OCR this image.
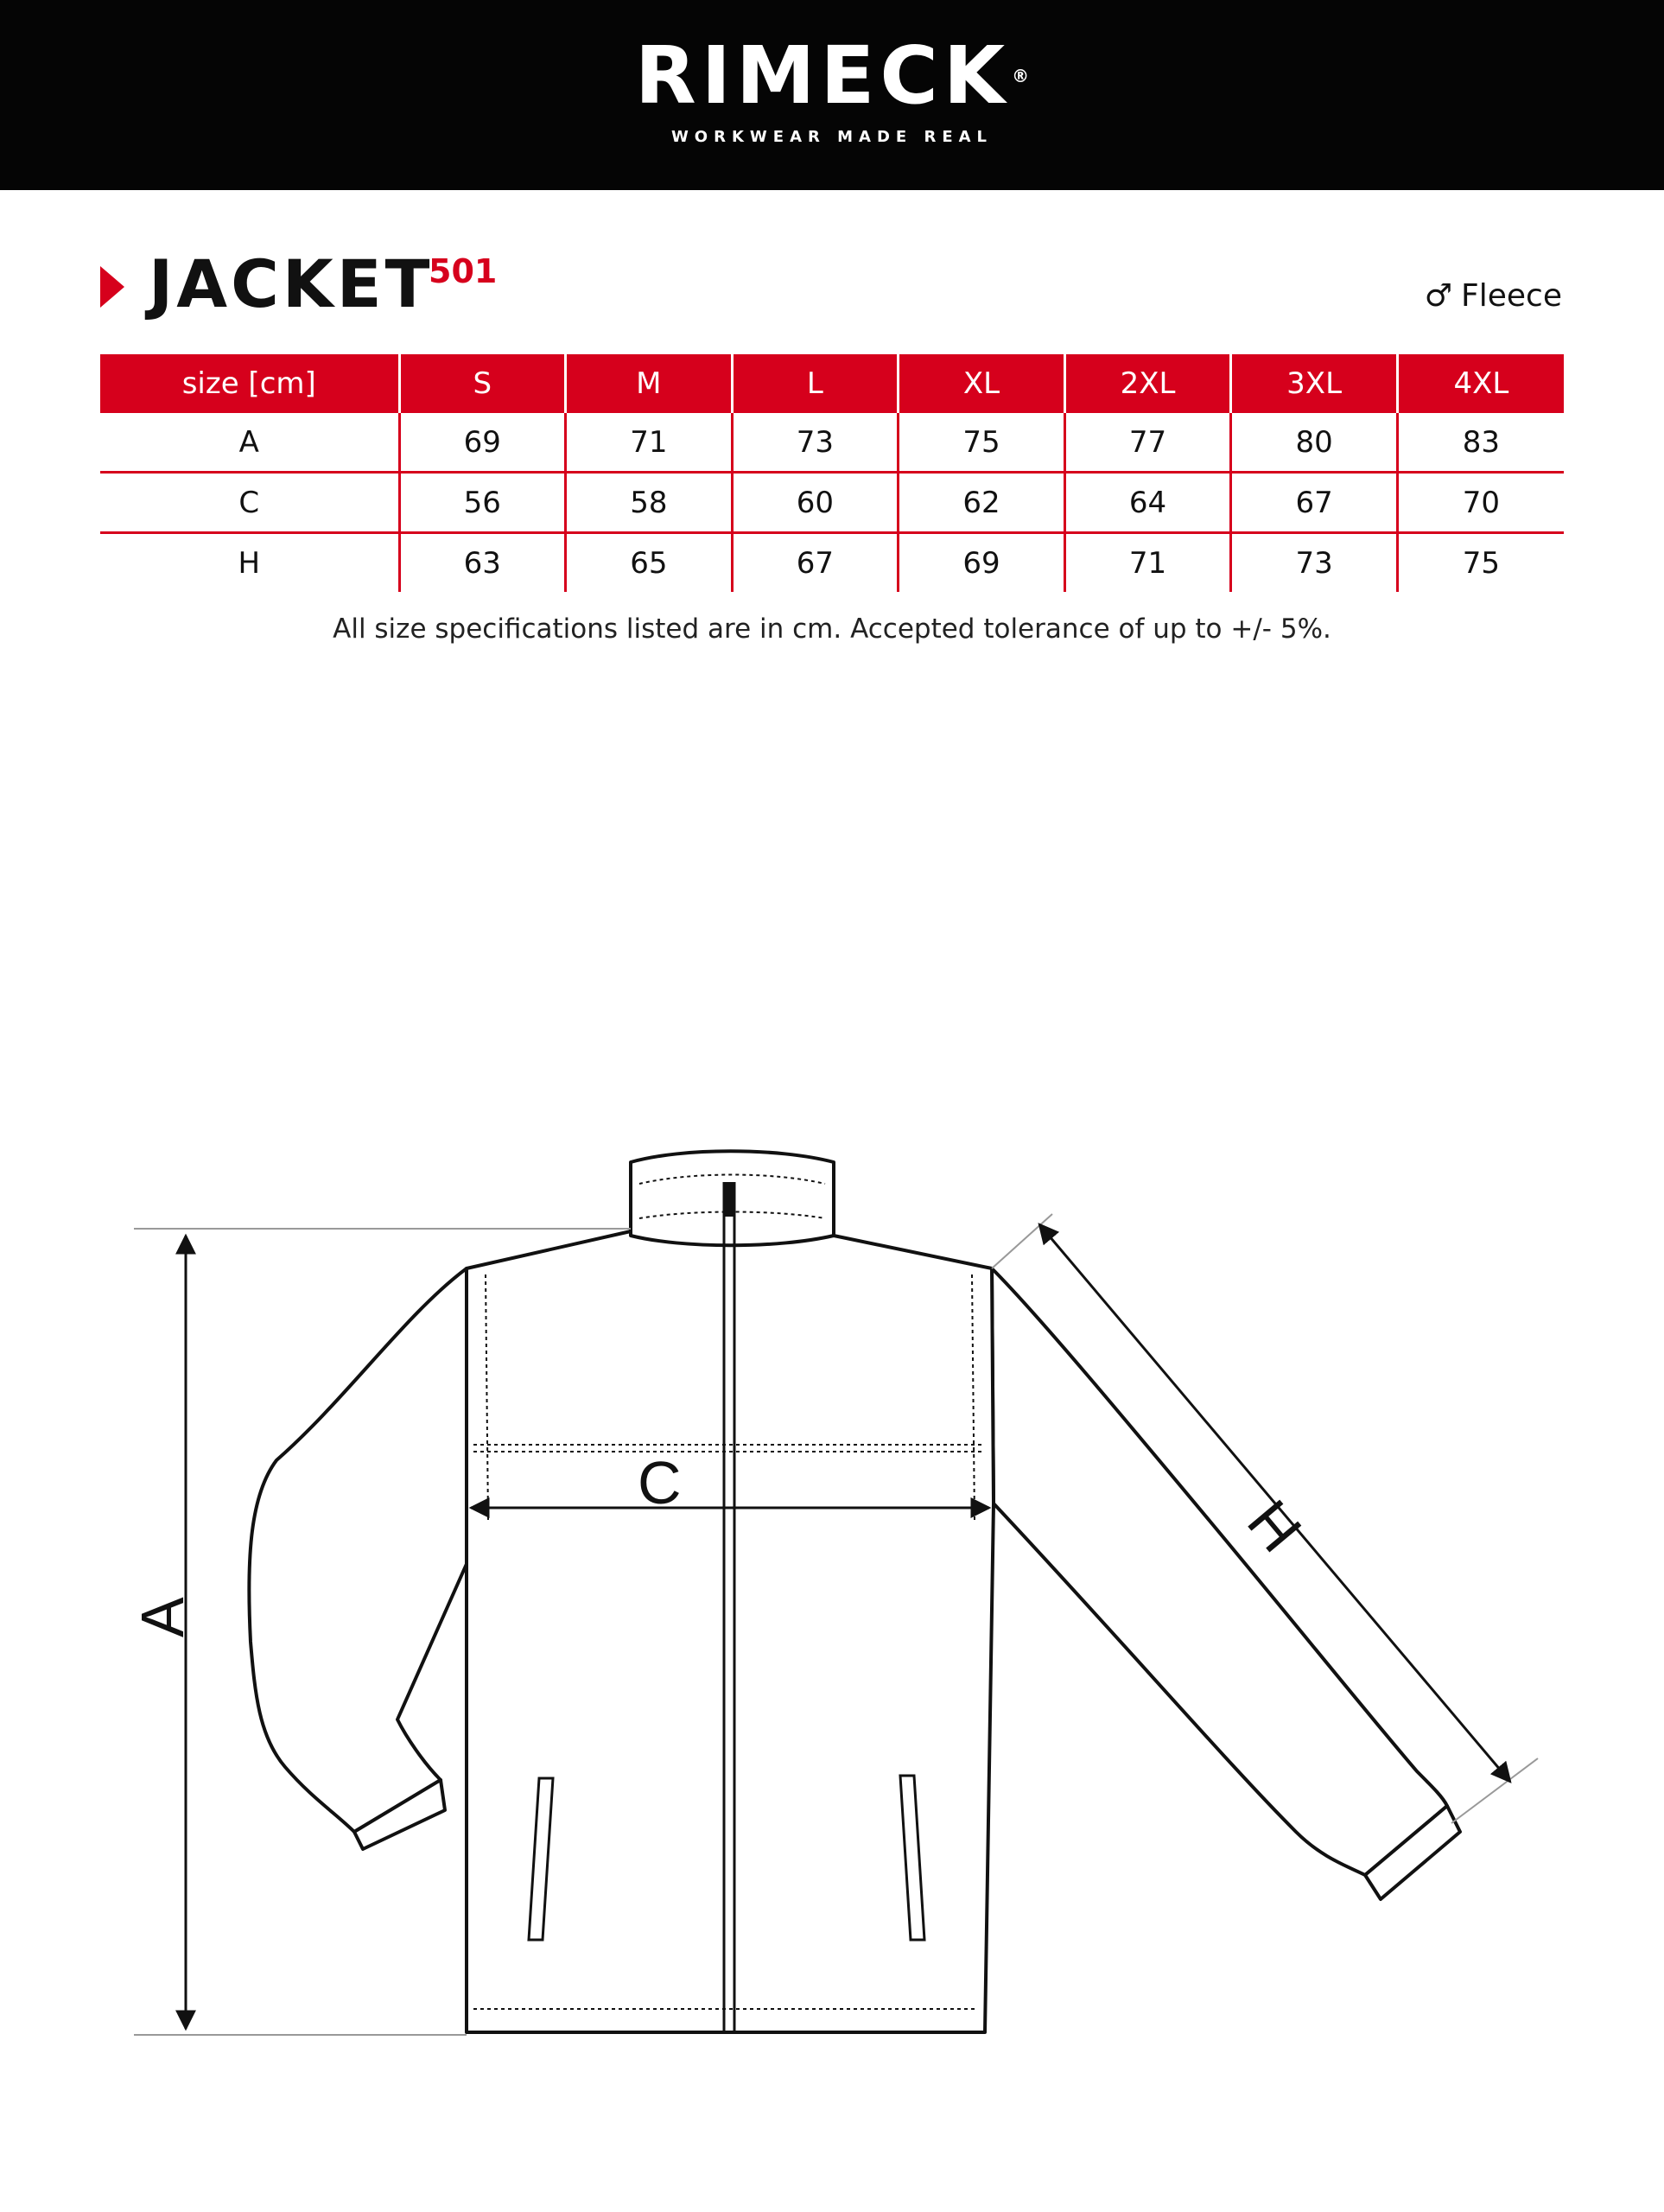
RIMECK ®
WORKWEAR MADE REAL
JACKET
501
♂ Fleece
size [cm]	S	M	L	XL	2XL	3XL	4XL
A	69	71	73	75	77	80	83
C	56	58	60	62	64	67	70
H	63	65	67	69	71	73	75
All size specifications listed are in cm. Accepted tolerance of up to +/- 5%.
A
C
H
